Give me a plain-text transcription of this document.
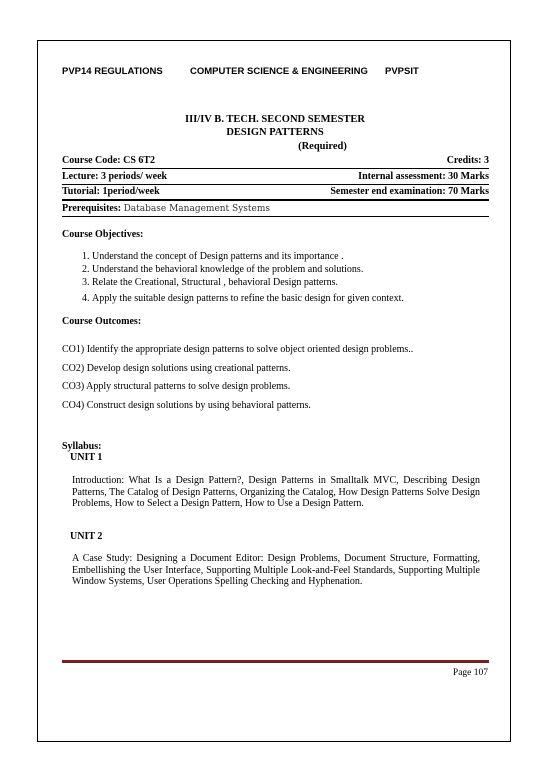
PVP14 REGULATIONS	COMPUTER SCIENCE & ENGINEERING PVPSIT
III/IV B. TECH. SECOND SEMESTER
DESIGN PATTERNS
(Required)
Course Code: CS 6T2	Credits: 3
Lecture: 3 periods/ week	Internal assessment: 30 Marks
Tutorial: 1period/week	Semester end examination: 70 Marks
Prerequisites: Database Management Systems
Course Objectives:
1. Understand the concept of Design patterns and its importance .
2. Understand the behavioral knowledge of the problem and solutions.
3. Relate the Creational, Structural , behavioral Design patterns.
4. Apply the suitable design patterns to refine the basic design for given context.
Course Outcomes:
CO1) Identify the appropriate design patterns to solve object oriented design problems..
CO2) Develop design solutions using creational patterns.
CO3) Apply structural patterns to solve design problems.
CO4) Construct design solutions by using behavioral patterns.
Syllabus:
UNIT 1
Introduction: What Is a Design Pattern?, Design Patterns in Smalltalk MVC, Describing Design Patterns, The Catalog of Design Patterns, Organizing the Catalog, How Design Patterns Solve Design Problems, How to Select a Design Pattern, How to Use a Design Pattern.
UNIT 2
A Case Study: Designing a Document Editor: Design Problems, Document Structure, Formatting, Embellishing the User Interface, Supporting Multiple Look-and-Feel Standards, Supporting Multiple Window Systems, User Operations Spelling Checking and Hyphenation.
Page 107
